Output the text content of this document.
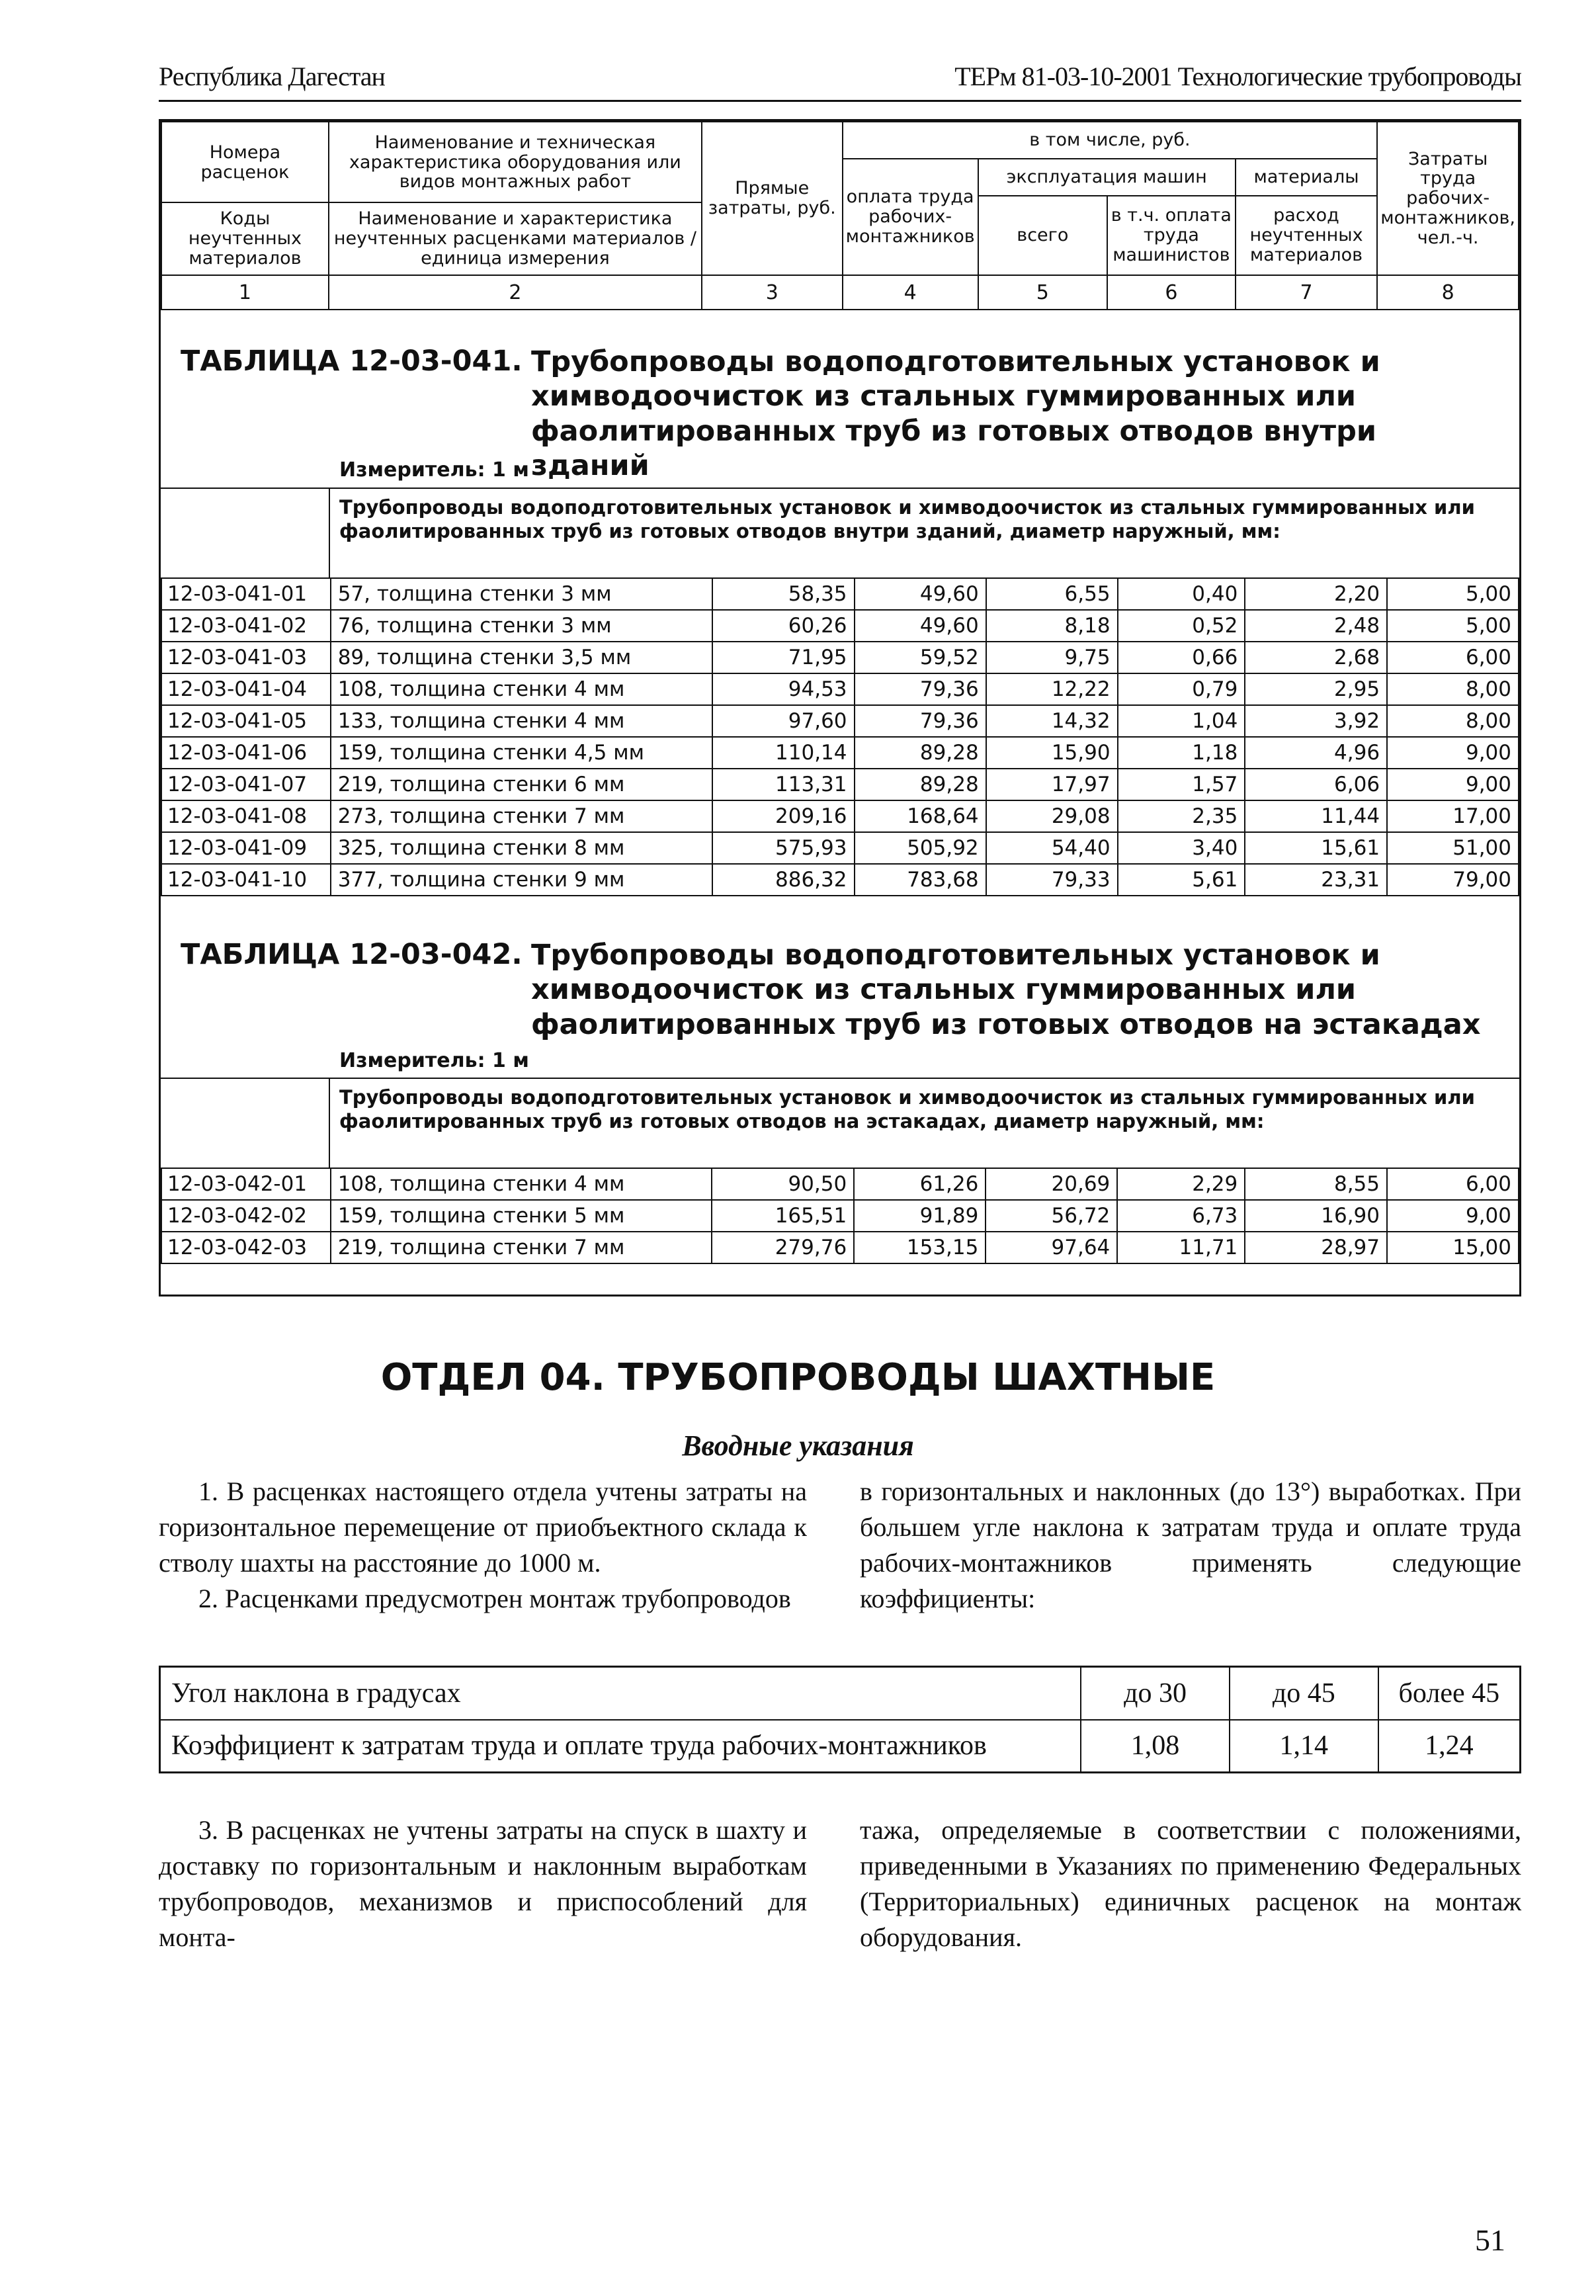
Республика Дагестан	ТЕРм 81-03-10-2001 Технологические трубопроводы
Номера расценок	Наименование и техническая характеристика оборудования или видов монтажных работ	Прямые затраты, руб.	в том числе, руб.				Затраты труда рабочих-монтажников, чел.-ч.
			оплата труда рабочих-монтажников	эксплуатация машин		материалы	
				всего	в т.ч. оплата труда машинистов	расход неучтенных материалов	

Коды неучтенных материалов	Наименование и характеристика неучтенных расценками материалов / единица измерения						

1	2	3	4	5	6	7	8
ТАБЛИЦА 12-03-041. Трубопроводы водоподготовительных установок и химводоочисток из стальных гуммированных или фаолитированных труб из готовых отводов внутри зданий
Измеритель: 1 м
Трубопроводы водоподготовительных установок и химводоочисток из стальных гуммированных или фаолитированных труб из готовых отводов внутри зданий, диаметр наружный, мм:
12-03-041-01	57, толщина стенки 3 мм	58,35	49,60	6,55	0,40	2,20	5,00
12-03-041-02	76, толщина стенки 3 мм	60,26	49,60	8,18	0,52	2,48	5,00
12-03-041-03	89, толщина стенки 3,5 мм	71,95	59,52	9,75	0,66	2,68	6,00
12-03-041-04	108, толщина стенки 4 мм	94,53	79,36	12,22	0,79	2,95	8,00
12-03-041-05	133, толщина стенки 4 мм	97,60	79,36	14,32	1,04	3,92	8,00
12-03-041-06	159, толщина стенки 4,5 мм	110,14	89,28	15,90	1,18	4,96	9,00
12-03-041-07	219, толщина стенки 6 мм	113,31	89,28	17,97	1,57	6,06	9,00
12-03-041-08	273, толщина стенки 7 мм	209,16	168,64	29,08	2,35	11,44	17,00
12-03-041-09	325, толщина стенки 8 мм	575,93	505,92	54,40	3,40	15,61	51,00
12-03-041-10	377, толщина стенки 9 мм	886,32	783,68	79,33	5,61	23,31	79,00
ТАБЛИЦА 12-03-042. Трубопроводы водоподготовительных установок и химводоочисток из стальных гуммированных или фаолитированных труб из готовых отводов на эстакадах
Измеритель: 1 м
Трубопроводы водоподготовительных установок и химводоочисток из стальных гуммированных или фаолитированных труб из готовых отводов на эстакадах, диаметр наружный, мм:
12-03-042-01	108, толщина стенки 4 мм	90,50	61,26	20,69	2,29	8,55	6,00
12-03-042-02	159, толщина стенки 5 мм	165,51	91,89	56,72	6,73	16,90	9,00
12-03-042-03	219, толщина стенки 7 мм	279,76	153,15	97,64	11,71	28,97	15,00
ОТДЕЛ 04. ТРУБОПРОВОДЫ ШАХТНЫЕ
Вводные указания

1. В расценках настоящего отдела учтены затраты на горизонтальное перемещение от приобъектного склада к стволу шахты на расстояние до 1000 м.

2. Расценками предусмотрен монтаж трубопроводов

в горизонтальных и наклонных (до 13°) выработках. При большем угле наклона к затратам труда и оплате труда рабочих-монтажников применять следующие коэффициенты:

Угол наклона в градусах	до 30	до 45	более 45
Коэффициент к затратам труда и оплате труда рабочих-монтажников	1,08	1,14	1,24

3. В расценках не учтены затраты на спуск в шахту и доставку по горизонтальным и наклонным выработкам трубопроводов, механизмов и приспособлений для монта-

тажа, определяемые в соответствии с положениями, приведенными в Указаниях по применению Федеральных (Территориальных) единичных расценок на монтаж оборудования.

51
